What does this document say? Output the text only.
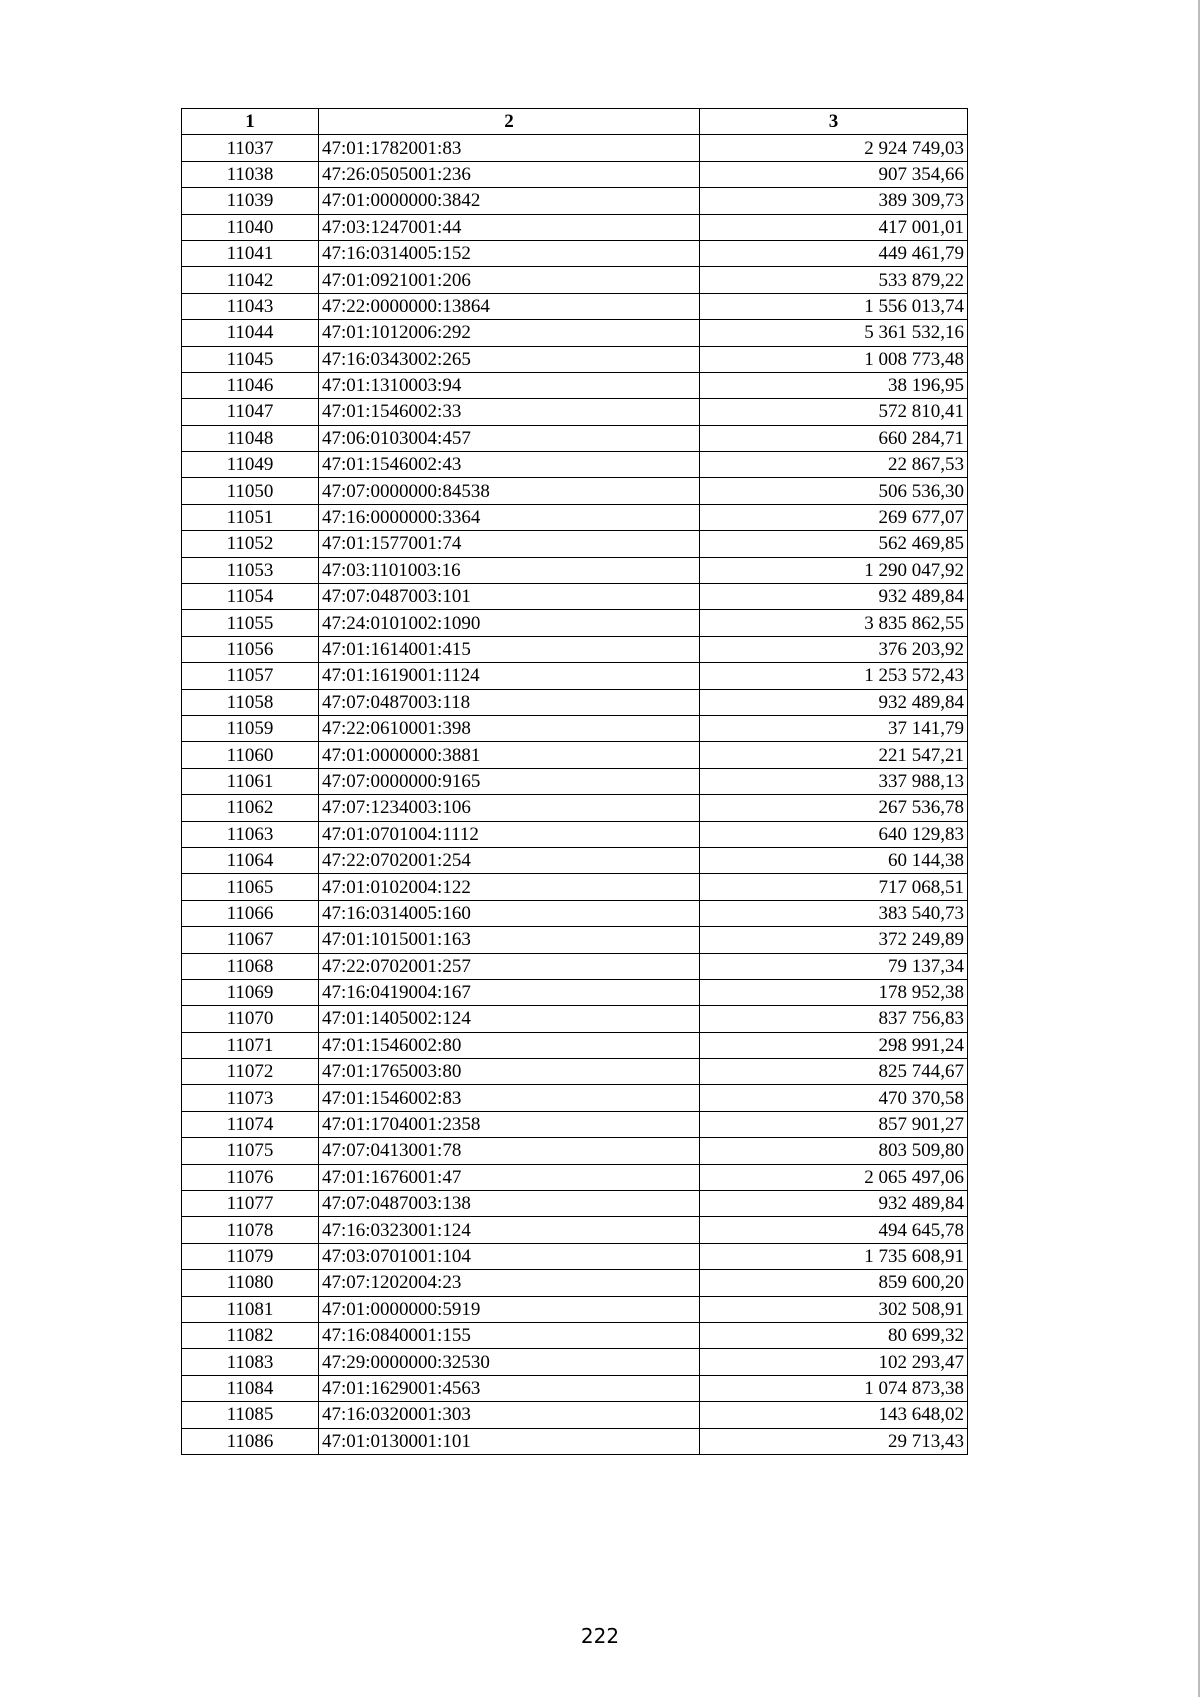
1	2	3
11037	47:01:1782001:83	2 924 749,03
11038	47:26:0505001:236	907 354,66
11039	47:01:0000000:3842	389 309,73
11040	47:03:1247001:44	417 001,01
11041	47:16:0314005:152	449 461,79
11042	47:01:0921001:206	533 879,22
11043	47:22:0000000:13864	1 556 013,74
11044	47:01:1012006:292	5 361 532,16
11045	47:16:0343002:265	1 008 773,48
11046	47:01:1310003:94	38 196,95
11047	47:01:1546002:33	572 810,41
11048	47:06:0103004:457	660 284,71
11049	47:01:1546002:43	22 867,53
11050	47:07:0000000:84538	506 536,30
11051	47:16:0000000:3364	269 677,07
11052	47:01:1577001:74	562 469,85
11053	47:03:1101003:16	1 290 047,92
11054	47:07:0487003:101	932 489,84
11055	47:24:0101002:1090	3 835 862,55
11056	47:01:1614001:415	376 203,92
11057	47:01:1619001:1124	1 253 572,43
11058	47:07:0487003:118	932 489,84
11059	47:22:0610001:398	37 141,79
11060	47:01:0000000:3881	221 547,21
11061	47:07:0000000:9165	337 988,13
11062	47:07:1234003:106	267 536,78
11063	47:01:0701004:1112	640 129,83
11064	47:22:0702001:254	60 144,38
11065	47:01:0102004:122	717 068,51
11066	47:16:0314005:160	383 540,73
11067	47:01:1015001:163	372 249,89
11068	47:22:0702001:257	79 137,34
11069	47:16:0419004:167	178 952,38
11070	47:01:1405002:124	837 756,83
11071	47:01:1546002:80	298 991,24
11072	47:01:1765003:80	825 744,67
11073	47:01:1546002:83	470 370,58
11074	47:01:1704001:2358	857 901,27
11075	47:07:0413001:78	803 509,80
11076	47:01:1676001:47	2 065 497,06
11077	47:07:0487003:138	932 489,84
11078	47:16:0323001:124	494 645,78
11079	47:03:0701001:104	1 735 608,91
11080	47:07:1202004:23	859 600,20
11081	47:01:0000000:5919	302 508,91
11082	47:16:0840001:155	80 699,32
11083	47:29:0000000:32530	102 293,47
11084	47:01:1629001:4563	1 074 873,38
11085	47:16:0320001:303	143 648,02
11086	47:01:0130001:101	29 713,43
222
